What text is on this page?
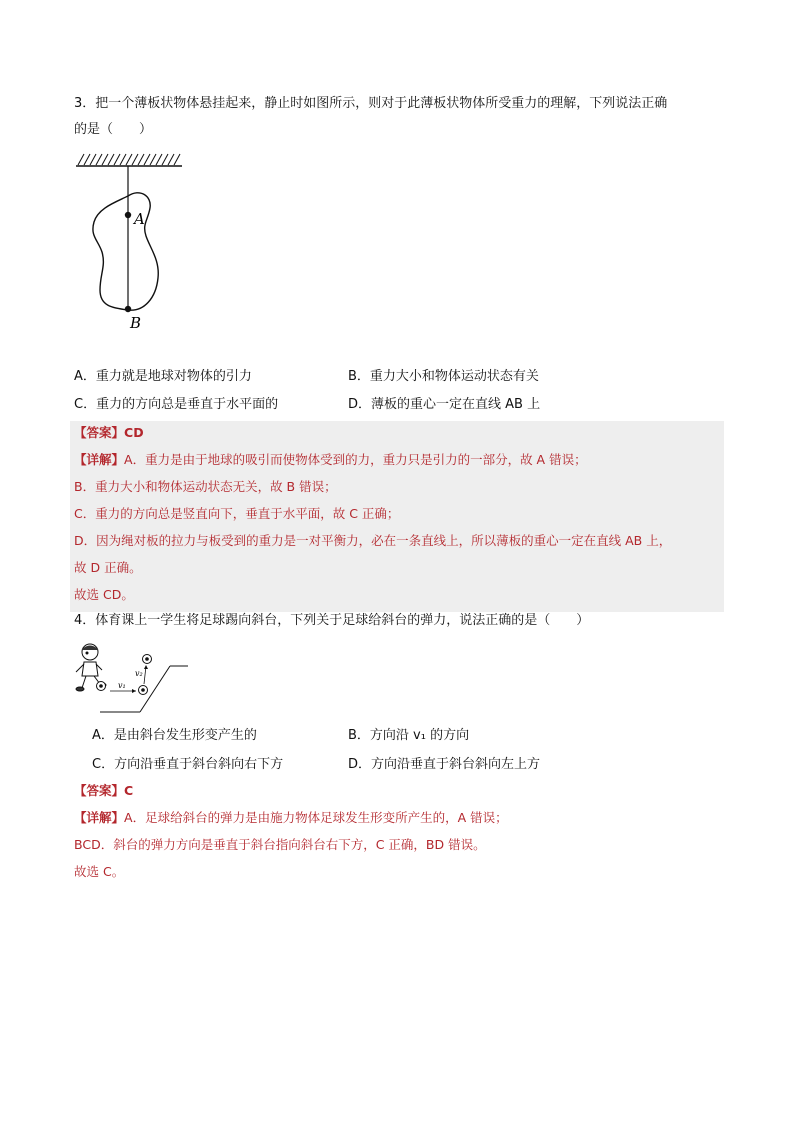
3．把一个薄板状物体悬挂起来，静止时如图所示，则对于此薄板状物体所受重力的理解，下列说法正确
的是（　　）
A
B
A．重力就是地球对物体的引力	B．重力大小和物体运动状态有关
C．重力的方向总是垂直于水平面的	D．薄板的重心一定在直线 AB 上
【答案】CD
【详解】A．重力是由于地球的吸引而使物体受到的力，重力只是引力的一部分，故 A 错误；
B．重力大小和物体运动状态无关，故 B 错误；
C．重力的方向总是竖直向下，垂直于水平面，故 C 正确；
D．因为绳对板的拉力与板受到的重力是一对平衡力，必在一条直线上，所以薄板的重心一定在直线 AB 上，
故 D 正确。
故选 CD。
4．体育课上一学生将足球踢向斜台，下列关于足球给斜台的弹力，说法正确的是（　　）
v₁
v₂
A．是由斜台发生形变产生的	B．方向沿 v₁ 的方向
C．方向沿垂直于斜台斜向右下方	D．方向沿垂直于斜台斜向左上方
【答案】C
【详解】A．足球给斜台的弹力是由施力物体足球发生形变所产生的，A 错误；
BCD．斜台的弹力方向是垂直于斜台指向斜台右下方，C 正确，BD 错误。
故选 C。
